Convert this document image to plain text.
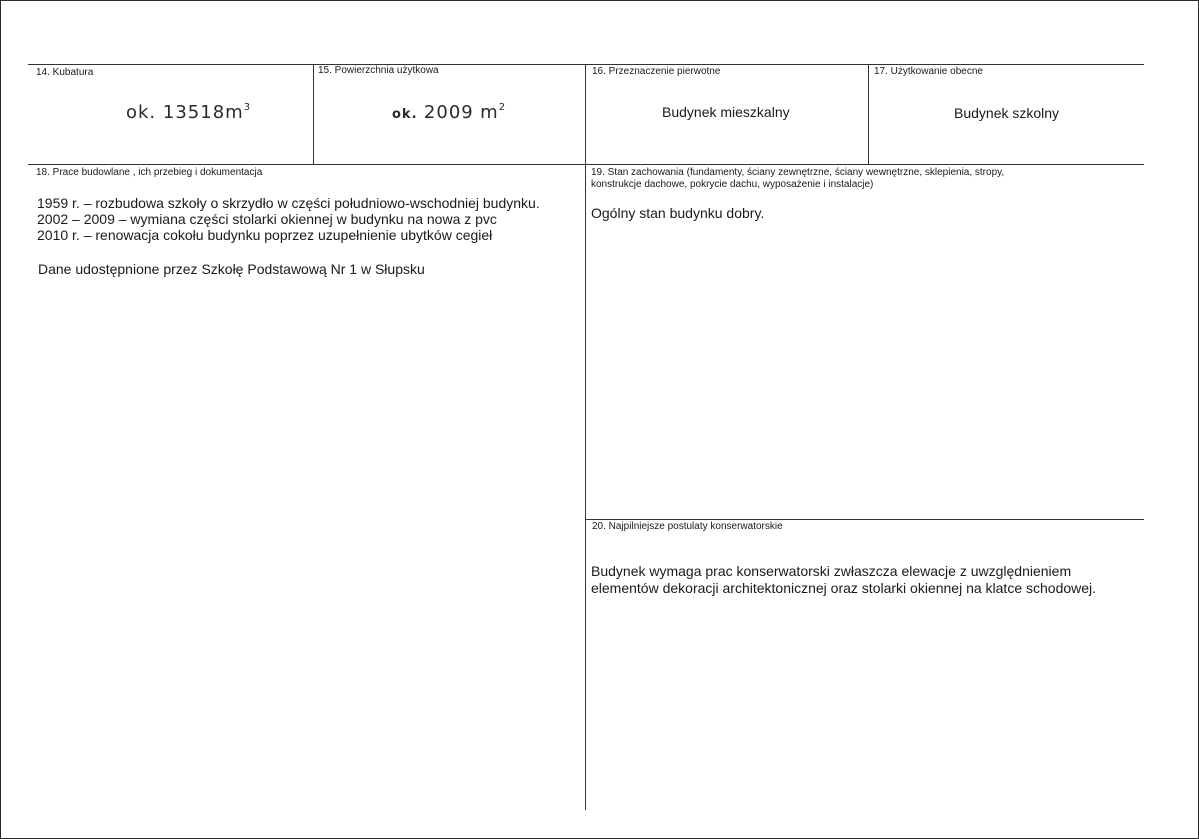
14. Kubatura
ok. $13518m^3$
15. Powierzchnia użytkowa
ok. 2009 $m^2$
16. Przeznaczenie pierwotne
Budynek mieszkalny
17. Użytkowanie obecne
Budynek szkolny
18. Prace budowlane , ich przebieg i dokumentacja
1959 r. – rozbudowa szkoły o skrzydło w części południowo-wschodniej budynku.
2002 – 2009 – wymiana części stolarki okiennej w budynku na nowa z pvc
2010 r. – renowacja cokołu budynku poprzez uzupełnienie ubytków cegieł
Dane udostępnione przez Szkołę Podstawową Nr 1 w Słupsku
19. Stan zachowania (fundamenty, ściany zewnętrzne, ściany wewnętrzne, sklepienia, stropy,
konstrukcje dachowe, pokrycie dachu, wyposażenie i instalacje)
Ogólny stan budynku dobry.
20. Najpilniejsze postulaty konserwatorskie
Budynek wymaga prac konserwatorski zwłaszcza elewacje z uwzględnieniem
elementów dekoracji architektonicznej oraz stolarki okiennej na klatce schodowej.
